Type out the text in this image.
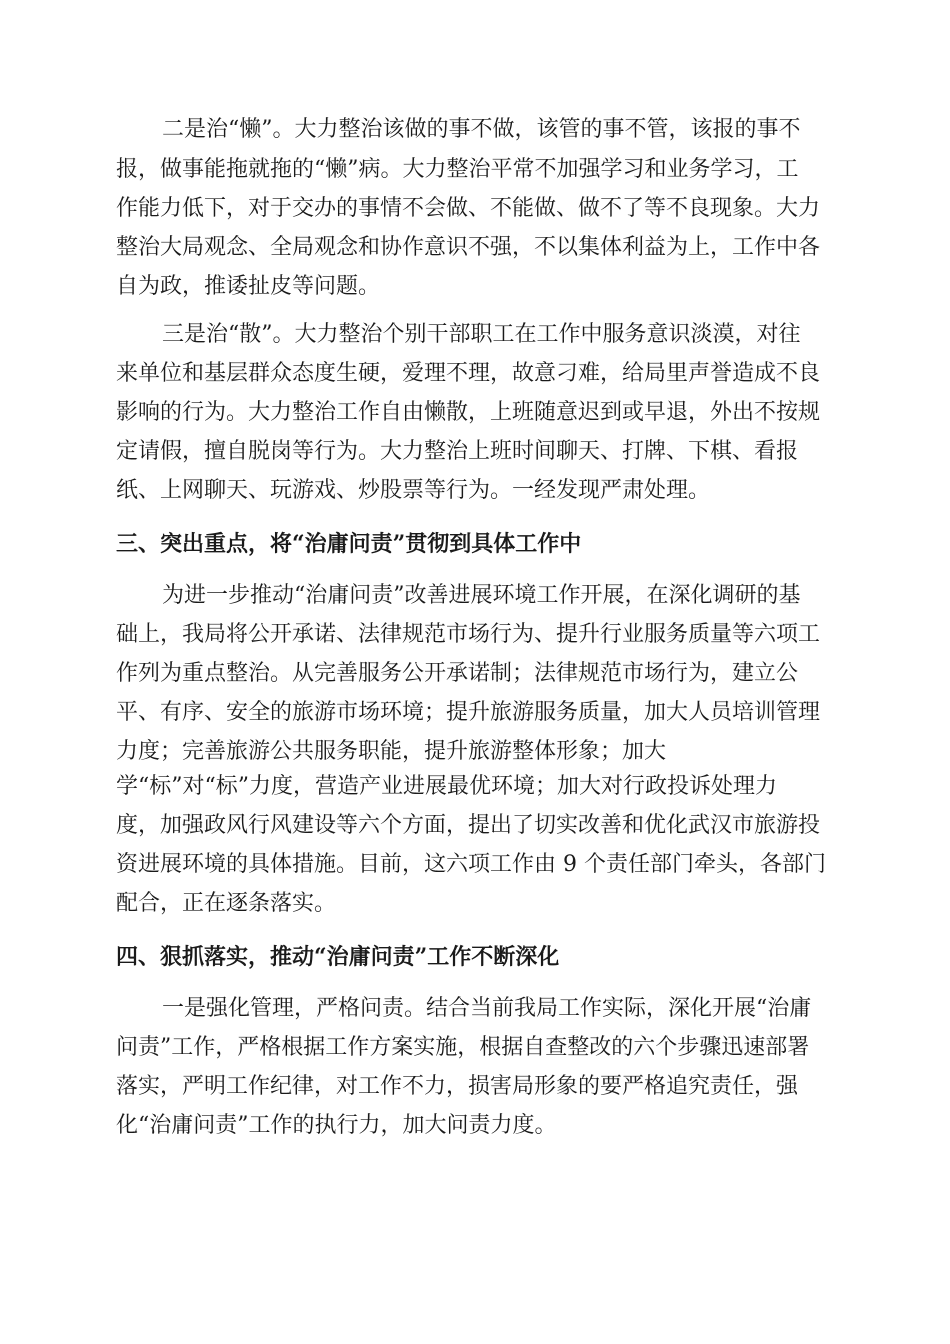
二是治“懒”。大力整治该做的事不做，该管的事不管，该报的事不
报，做事能拖就拖的“懒”病。大力整治平常不加强学习和业务学习，工
作能力低下，对于交办的事情不会做、不能做、做不了等不良现象。大力
整治大局观念、全局观念和协作意识不强，不以集体利益为上，工作中各
自为政，推诿扯皮等问题。
三是治“散”。大力整治个别干部职工在工作中服务意识淡漠，对往
来单位和基层群众态度生硬，爱理不理，故意刁难，给局里声誉造成不良
影响的行为。大力整治工作自由懒散，上班随意迟到或早退，外出不按规
定请假，擅自脱岗等行为。大力整治上班时间聊天、打牌、下棋、看报
纸、上网聊天、玩游戏、炒股票等行为。一经发现严肃处理。
三、突出重点，将“治庸问责”贯彻到具体工作中
为进一步推动“治庸问责”改善进展环境工作开展，在深化调研的基
础上，我局将公开承诺、法律规范市场行为、提升行业服务质量等六项工
作列为重点整治。从完善服务公开承诺制；法律规范市场行为，建立公
平、有序、安全的旅游市场环境；提升旅游服务质量，加大人员培训管理
力度；完善旅游公共服务职能，提升旅游整体形象；加大
学“标”对“标”力度，营造产业进展最优环境；加大对行政投诉处理力
度，加强政风行风建设等六个方面，提出了切实改善和优化武汉市旅游投
资进展环境的具体措施。目前，这六项工作由 9 个责任部门牵头，各部门
配合，正在逐条落实。
四、狠抓落实，推动“治庸问责”工作不断深化
一是强化管理，严格问责。结合当前我局工作实际，深化开展“治庸
问责”工作，严格根据工作方案实施，根据自查整改的六个步骤迅速部署
落实，严明工作纪律，对工作不力，损害局形象的要严格追究责任，强
化“治庸问责”工作的执行力，加大问责力度。
